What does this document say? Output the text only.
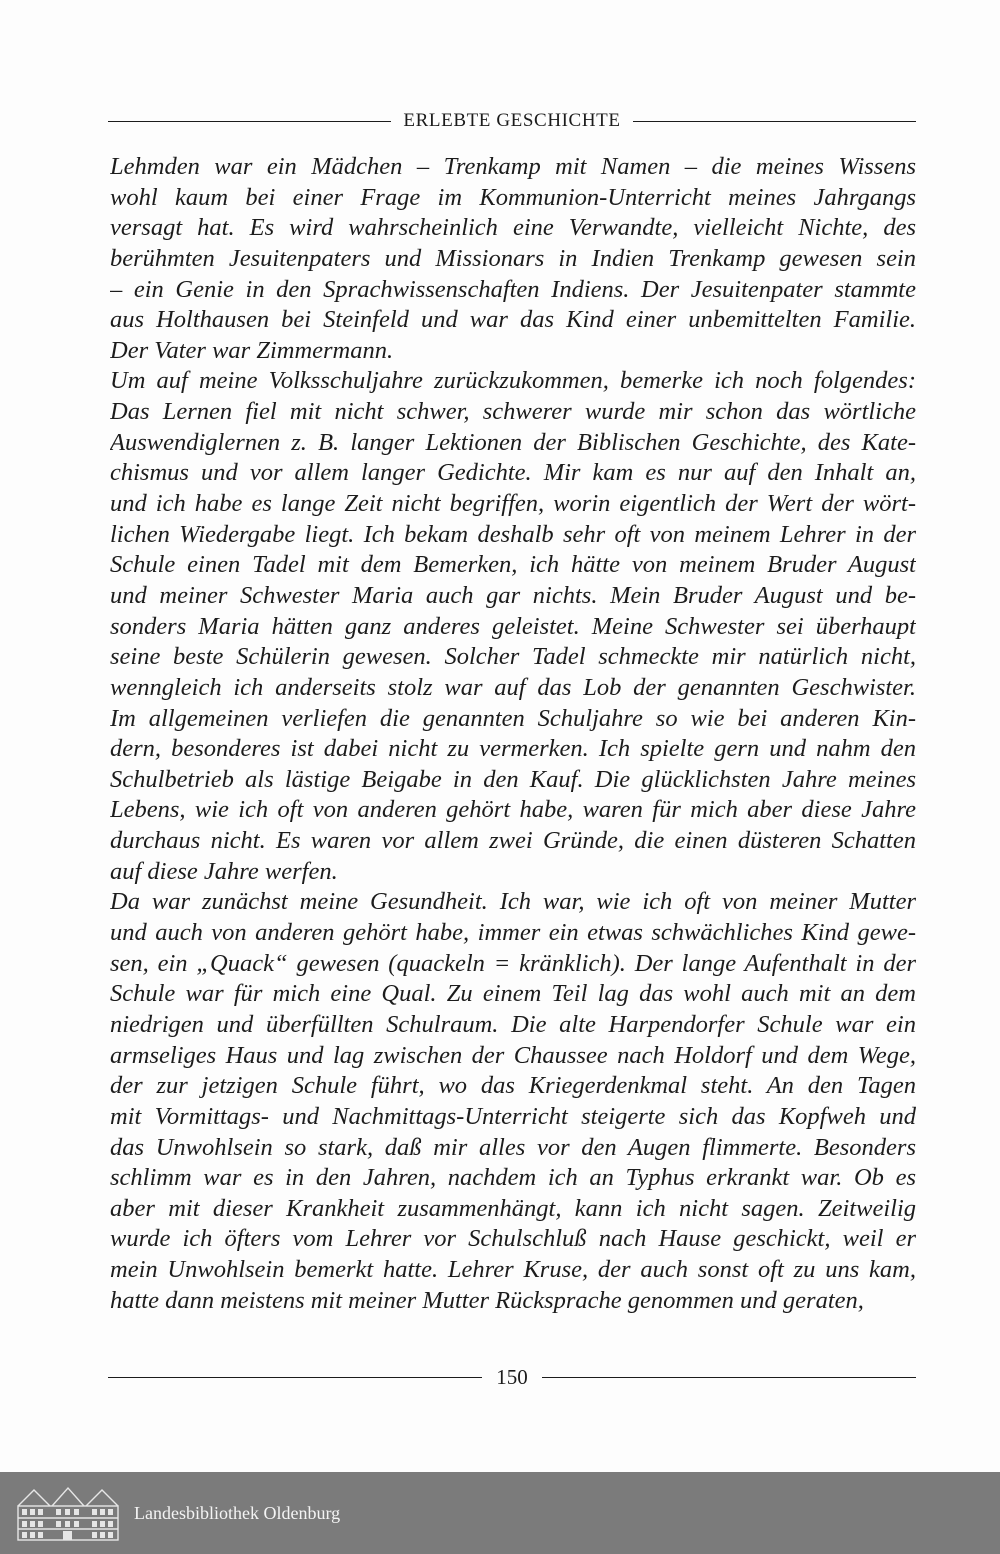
ERLEBTE GESCHICHTE
Lehmden war ein Mädchen – Trenkamp mit Namen – die meines Wissens
wohl kaum bei einer Frage im Kommunion-Unterricht meines Jahrgangs
versagt hat. Es wird wahrscheinlich eine Verwandte, vielleicht Nichte, des
berühmten Jesuitenpaters und Missionars in Indien Trenkamp gewesen sein
– ein Genie in den Sprachwissenschaften Indiens. Der Jesuitenpater stammte
aus Holthausen bei Steinfeld und war das Kind einer unbemittelten Familie.
Der Vater war Zimmermann.
Um auf meine Volksschuljahre zurückzukommen, bemerke ich noch folgendes:
Das Lernen fiel mit nicht schwer, schwerer wurde mir schon das wörtliche
Auswendiglernen z. B. langer Lektionen der Biblischen Geschichte, des Kate-
chismus und vor allem langer Gedichte. Mir kam es nur auf den Inhalt an,
und ich habe es lange Zeit nicht begriffen, worin eigentlich der Wert der wört-
lichen Wiedergabe liegt. Ich bekam deshalb sehr oft von meinem Lehrer in der
Schule einen Tadel mit dem Bemerken, ich hätte von meinem Bruder August
und meiner Schwester Maria auch gar nichts. Mein Bruder August und be-
sonders Maria hätten ganz anderes geleistet. Meine Schwester sei überhaupt
seine beste Schülerin gewesen. Solcher Tadel schmeckte mir natürlich nicht,
wenngleich ich anderseits stolz war auf das Lob der genannten Geschwister.
Im allgemeinen verliefen die genannten Schuljahre so wie bei anderen Kin-
dern, besonderes ist dabei nicht zu vermerken. Ich spielte gern und nahm den
Schulbetrieb als lästige Beigabe in den Kauf. Die glücklichsten Jahre meines
Lebens, wie ich oft von anderen gehört habe, waren für mich aber diese Jahre
durchaus nicht. Es waren vor allem zwei Gründe, die einen düsteren Schatten
auf diese Jahre werfen.
Da war zunächst meine Gesundheit. Ich war, wie ich oft von meiner Mutter
und auch von anderen gehört habe, immer ein etwas schwächliches Kind gewe-
sen, ein „Quack“ gewesen (quackeln = kränklich). Der lange Aufenthalt in der
Schule war für mich eine Qual. Zu einem Teil lag das wohl auch mit an dem
niedrigen und überfüllten Schulraum. Die alte Harpendorfer Schule war ein
armseliges Haus und lag zwischen der Chaussee nach Holdorf und dem Wege,
der zur jetzigen Schule führt, wo das Kriegerdenkmal steht. An den Tagen
mit Vormittags- und Nachmittags-Unterricht steigerte sich das Kopfweh und
das Unwohlsein so stark, daß mir alles vor den Augen flimmerte. Besonders
schlimm war es in den Jahren, nachdem ich an Typhus erkrankt war. Ob es
aber mit dieser Krankheit zusammenhängt, kann ich nicht sagen. Zeitweilig
wurde ich öfters vom Lehrer vor Schulschluß nach Hause geschickt, weil er
mein Unwohlsein bemerkt hatte. Lehrer Kruse, der auch sonst oft zu uns kam,
hatte dann meistens mit meiner Mutter Rücksprache genommen und geraten,
150
Landesbibliothek Oldenburg
